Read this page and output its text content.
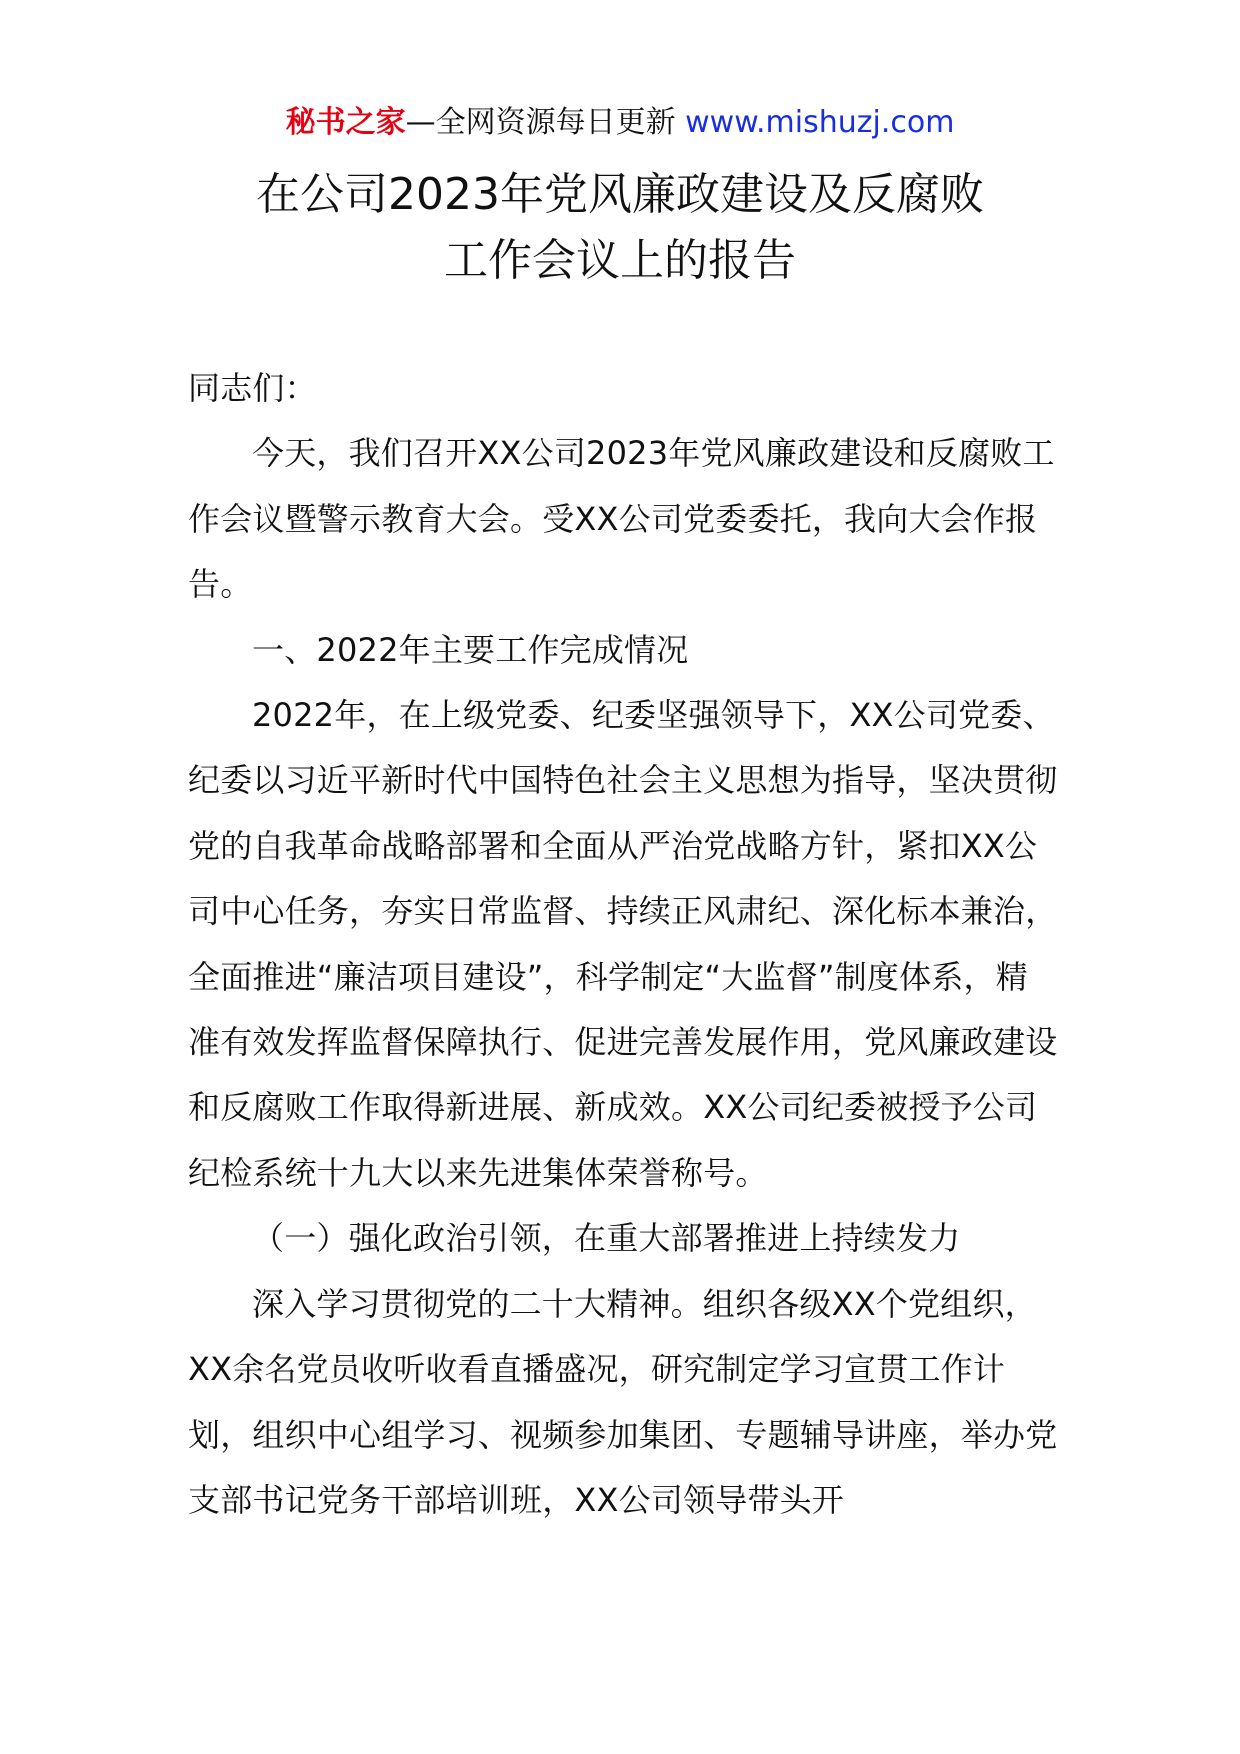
秘书之家—全网资源每日更新 www.mishuzj.com
在公司2023年党风廉政建设及反腐败
工作会议上的报告

同志们：

今天，我们召开XX公司2023年党风廉政建设和反腐败工作会议暨警示教育大会。受XX公司党委委托，我向大会作报告。

一、2022年主要工作完成情况

2022年，在上级党委、纪委坚强领导下，XX公司党委、纪委以习近平新时代中国特色社会主义思想为指导，坚决贯彻党的自我革命战略部署和全面从严治党战略方针，紧扣XX公司中心任务，夯实日常监督、持续正风肃纪、深化标本兼治，全面推进“廉洁项目建设”，科学制定“大监督”制度体系，精准有效发挥监督保障执行、促进完善发展作用，党风廉政建设和反腐败工作取得新进展、新成效。XX公司纪委被授予公司纪检系统十九大以来先进集体荣誉称号。

（一）强化政治引领，在重大部署推进上持续发力

深入学习贯彻党的二十大精神。组织各级XX个党组织，XX余名党员收听收看直播盛况，研究制定学习宣贯工作计划，组织中心组学习、视频参加集团、专题辅导讲座，举办党支部书记党务干部培训班，XX公司领导带头开
